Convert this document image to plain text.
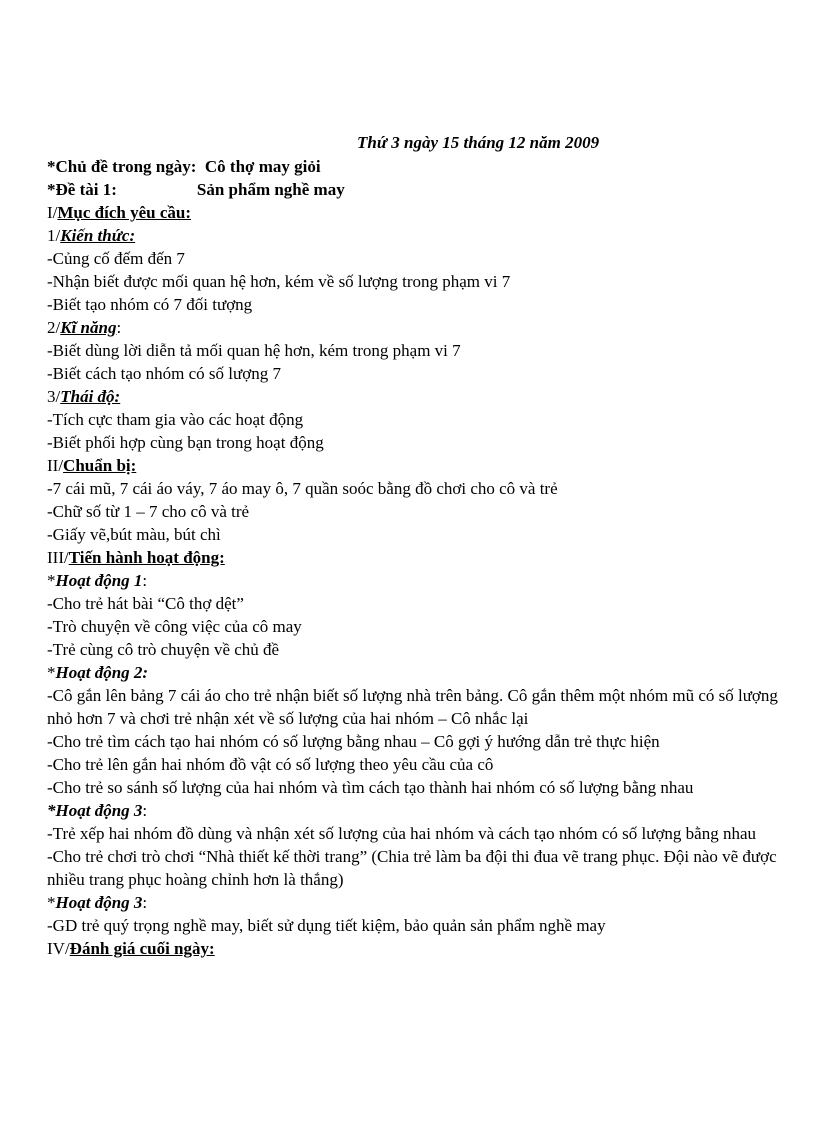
Thứ 3 ngày 15 tháng 12 năm 2009

*Chủ đề trong ngày: Cô thợ may giỏi

*Đề tài 1:	Sản phẩm nghề may

I/Mục đích yêu cầu:

1/Kiến thức:

-Củng cố đếm đến 7

-Nhận biết được mối quan hệ hơn, kém về số lượng trong phạm vi 7

-Biết tạo nhóm có 7 đối tượng

2/Kĩ năng:

-Biết dùng lời diễn tả mối quan hệ hơn, kém trong phạm vi 7

-Biết cách tạo nhóm có số lượng 7

3/Thái độ:

-Tích cực tham gia vào các hoạt động

-Biết phối hợp cùng bạn trong hoạt động

II/Chuẩn bị:

-7 cái mũ, 7 cái áo váy, 7 áo may ô, 7 quần soóc bằng đồ chơi cho cô và trẻ

-Chữ số từ 1 – 7 cho cô và trẻ

-Giấy vẽ,bút màu, bút chì

III/Tiến hành hoạt động:

*Hoạt động 1:

-Cho trẻ hát bài “Cô thợ dệt”

-Trò chuyện về công việc của cô may

-Trẻ cùng cô trò chuyện về chủ đề

*Hoạt động 2:

-Cô gắn lên bảng 7 cái áo cho trẻ nhận biết số lượng nhà trên bảng. Cô gắn thêm một nhóm mũ có số lượng nhỏ hơn 7 và chơi trẻ nhận xét về số lượng của hai nhóm – Cô nhắc lại

-Cho trẻ tìm cách tạo hai nhóm có số lượng bằng nhau – Cô gợi ý hướng dẫn trẻ thực hiện

-Cho trẻ lên gắn hai nhóm đồ vật có số lượng theo yêu cầu của cô

-Cho trẻ so sánh số lượng của hai nhóm và tìm cách tạo thành hai nhóm có số lượng bằng nhau

*Hoạt động 3:

-Trẻ xếp hai nhóm đồ dùng và nhận xét số lượng của hai nhóm và cách tạo nhóm có số lượng bằng nhau

-Cho trẻ chơi trò chơi “Nhà thiết kế thời trang” (Chia trẻ làm ba đội thi đua vẽ trang phục. Đội nào vẽ được nhiều trang phục hoàng chỉnh hơn là thắng)

*Hoạt động 3:

-GD trẻ quý trọng nghề may, biết sử dụng tiết kiệm, bảo quản sản phẩm nghề may

IV/Đánh giá cuối ngày:
